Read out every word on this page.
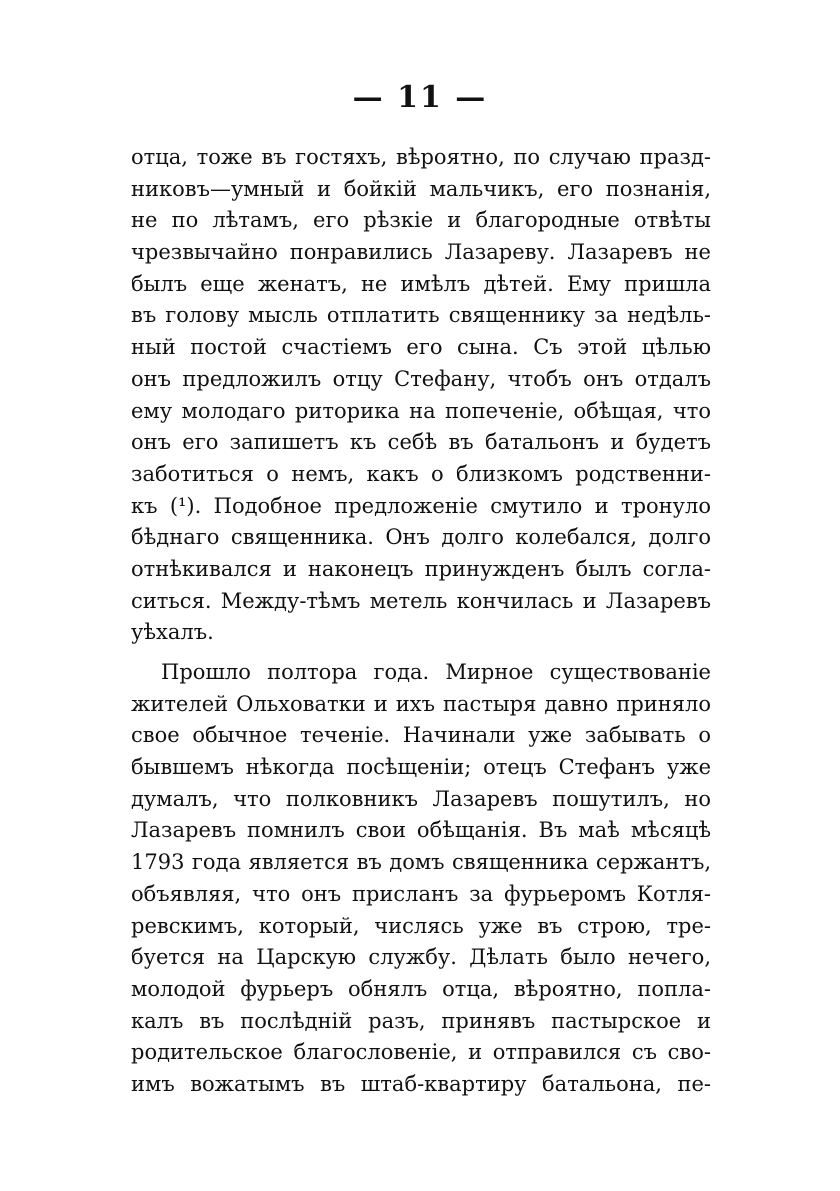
— 11 —
отца, тоже въ гостяхъ, вѣроятно, по случаю празд-
никовъ—умный и бойкій мальчикъ, его познанія,
не по лѣтамъ, его рѣзкіе и благородные отвѣты
чрезвычайно понравились Лазареву. Лазаревъ не
былъ еще женатъ, не имѣлъ дѣтей. Ему пришла
въ голову мысль отплатить священнику за недѣль-
ный постой счастіемъ его сына. Съ этой цѣлью
онъ предложилъ отцу Стефану, чтобъ онъ отдалъ
ему молодаго риторика на попеченіе, обѣщая, что
онъ его запишетъ къ себѣ въ батальонъ и будетъ
заботиться о немъ, какъ о близкомъ родственни-
къ (¹). Подобное предложеніе смутило и тронуло
бѣднаго священника. Онъ долго колебался, долго
отнѣкивался и наконецъ принужденъ былъ согла-
ситься. Между-тѣмъ метель кончилась и Лазаревъ
уѣхалъ.
Прошло полтора года. Мирное существованіе
жителей Ольховатки и ихъ пастыря давно приняло
свое обычное теченіе. Начинали уже забывать о
бывшемъ нѣкогда посѣщеніи; отецъ Стефанъ уже
думалъ, что полковникъ Лазаревъ пошутилъ, но
Лазаревъ помнилъ свои обѣщанія. Въ маѣ мѣсяцѣ
1793 года является въ домъ священника сержантъ,
объявляя, что онъ присланъ за фурьеромъ Котля-
ревскимъ, который, числясь уже въ строю, тре-
буется на Царскую службу. Дѣлать было нечего,
молодой фурьеръ обнялъ отца, вѣроятно, попла-
калъ въ послѣдній разъ, принявъ пастырское и
родительское благословеніе, и отправился съ сво-
имъ вожатымъ въ штаб-квартиру батальона, пе-
